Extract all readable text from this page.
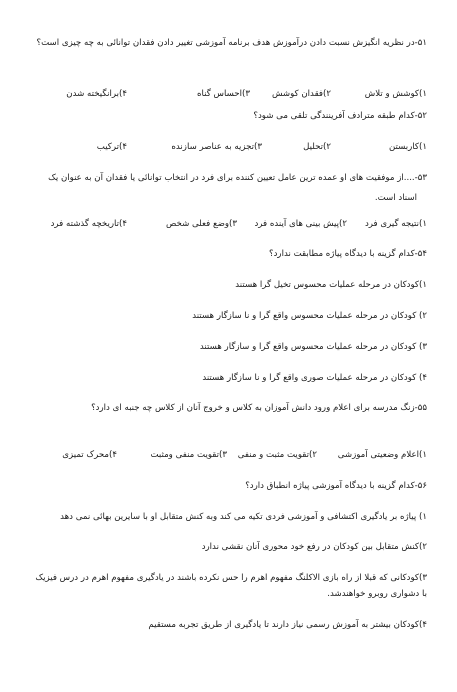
۵۱-در نظریه انگیزش نسبت دادن درآموزش هدف برنامه آموزشی تغییر دادن فقدان توانائی به چه چیزی است؟
۱)کوشش و تلاش
۲)فقدان کوشش
۳)احساس گناه
۴)برانگیخته شدن
۵۲-کدام طبقه مترادف آفرینندگی تلقی می شود؟
۱)کاربستن
۲)تحلیل
۳)تجزیه به عناصر سازنده
۴)ترکیب
۵۳-....از موفقیت های او عمده ترین عامل تعیین کننده برای فرد در انتخاب توانائی یا فقدان آن به عنوان یک
اسناد است.
۱)نتیجه گیری فرد
۲)پیش بینی های آینده فرد
۳)وضع فعلی شخص
۴)تاریخچه گذشته فرد
۵۴-کدام گزینه با دیدگاه پیاژه مطابقت ندارد؟
۱)کودکان در مرحله عملیات محسوس تخیل گرا هستند
۲) کودکان در مرحله عملیات محسوس واقع گرا و نا سازگار هستند
۳) کودکان در مرحله عملیات محسوس واقع گرا و سازگار هستند
۴) کودکان در مرحله عملیات صوری واقع گرا و نا سازگار هستند
۵۵-زنگ مدرسه برای اعلام ورود دانش آموزان به کلاس و خروج آنان از کلاس چه جنبه ای دارد؟
۱)اعلام وضعیتی آموزشی
۲)تقویت مثبت و منفی
۳)تقویت منفی ومثبت
۴)محرک تمیزی
۵۶-کدام گزینه با دیدگاه آموزشی پیاژه انطباق دارد؟
۱) پیاژه بر یادگیری اکتشافی و آموزشی فردی تکیه می کند وبه کنش متقابل او با سایرین بهائی نمی دهد
۲)کنش متقابل بین کودکان در رفع خود محوری آنان نقشی ندارد
۳)کودکانی که قبلا از راه بازی الاکلنگ مفهوم اهرم را حس نکرده باشند در یادگیری مفهوم اهرم در درس فیزیک
با دشواری روبرو خواهندشد.
۴)کودکان بیشتر به آموزش رسمی نیاز دارند تا یادگیری از طریق تجربه مستقیم
